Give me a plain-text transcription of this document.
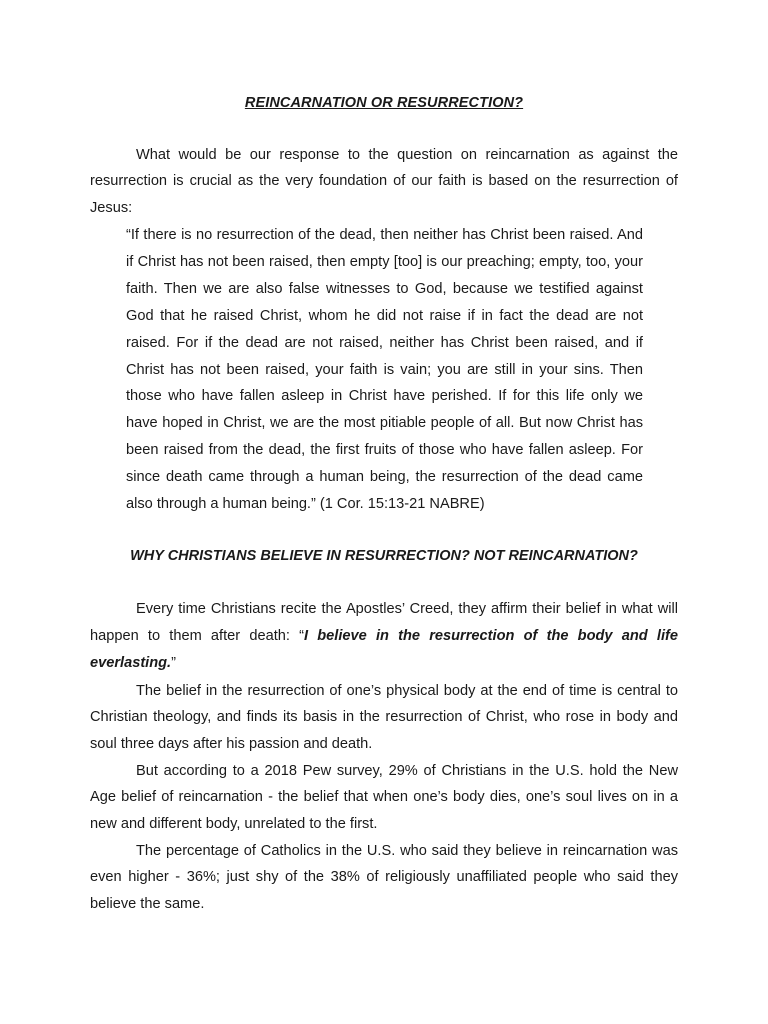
REINCARNATION OR RESURRECTION?

What would be our response to the question on reincarnation as against the resurrection is crucial as the very foundation of our faith is based on the resurrection of Jesus:

“If there is no resurrection of the dead, then neither has Christ been raised. And if Christ has not been raised, then empty [too] is our preaching; empty, too, your faith. Then we are also false witnesses to God, because we testified against God that he raised Christ, whom he did not raise if in fact the dead are not raised. For if the dead are not raised, neither has Christ been raised, and if Christ has not been raised, your faith is vain; you are still in your sins. Then those who have fallen asleep in Christ have perished. If for this life only we have hoped in Christ, we are the most pitiable people of all. But now Christ has been raised from the dead, the first fruits of those who have fallen asleep. For since death came through a human being, the resurrection of the dead came also through a human being.” (1 Cor. 15:13-21 NABRE)

WHY CHRISTIANS BELIEVE IN RESURRECTION? NOT REINCARNATION?

Every time Christians recite the Apostles’ Creed, they affirm their belief in what will happen to them after death: “I believe in the resurrection of the body and life everlasting.”

The belief in the resurrection of one’s physical body at the end of time is central to Christian theology, and finds its basis in the resurrection of Christ, who rose in body and soul three days after his passion and death.

But according to a 2018 Pew survey, 29% of Christians in the U.S. hold the New Age belief of reincarnation - the belief that when one’s body dies, one’s soul lives on in a new and different body, unrelated to the first.

The percentage of Catholics in the U.S. who said they believe in reincarnation was even higher - 36%; just shy of the 38% of religiously unaffiliated people who said they believe the same.
